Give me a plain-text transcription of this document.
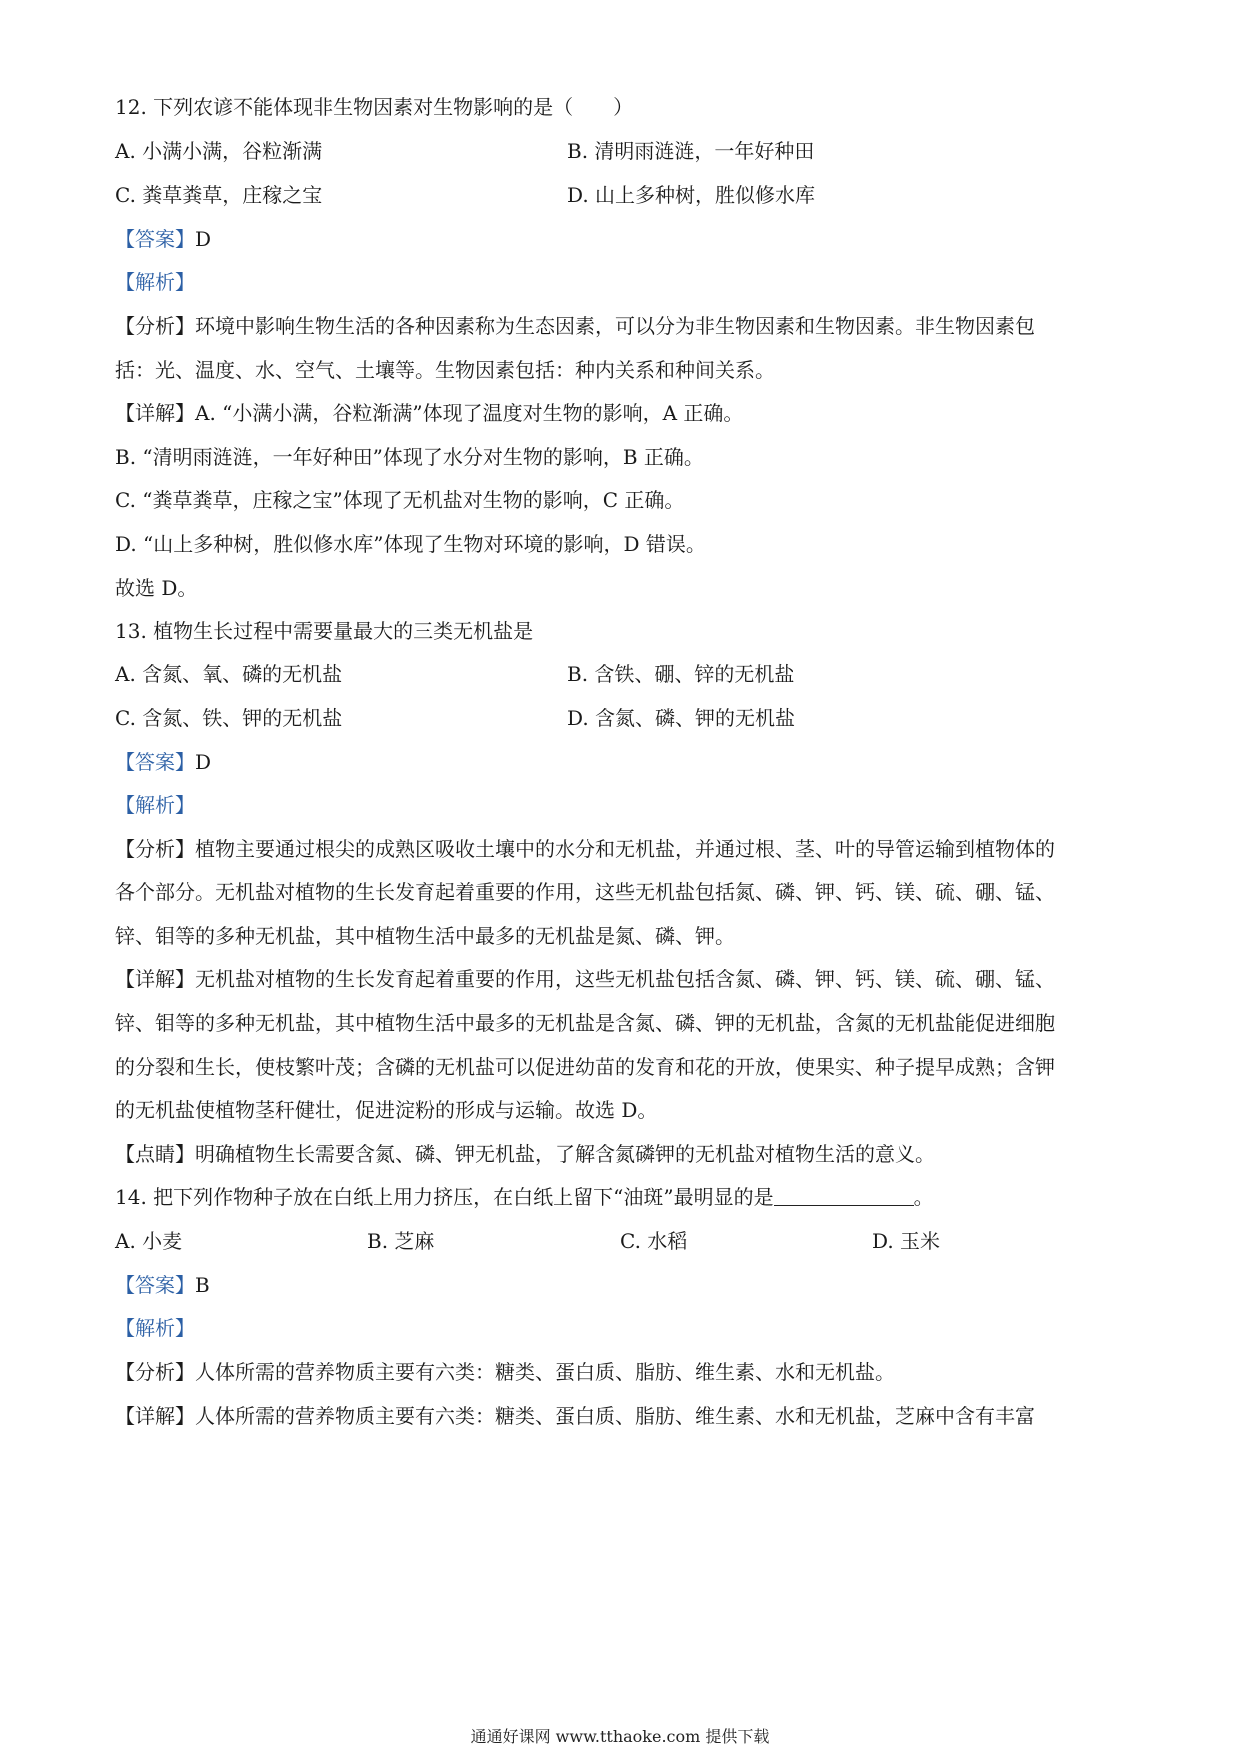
12. 下列农谚不能体现非生物因素对生物影响的是（　　）
A. 小满小满，谷粒渐满	B. 清明雨涟涟，一年好种田
C. 粪草粪草，庄稼之宝	D. 山上多种树，胜似修水库
【答案】D
【解析】
【分析】环境中影响生物生活的各种因素称为生态因素，可以分为非生物因素和生物因素。非生物因素包
括：光、温度、水、空气、土壤等。生物因素包括：种内关系和种间关系。
【详解】A. “小满小满，谷粒渐满”体现了温度对生物的影响，A 正确。
B. “清明雨涟涟，一年好种田”体现了水分对生物的影响，B 正确。
C. “粪草粪草，庄稼之宝”体现了无机盐对生物的影响，C 正确。
D. “山上多种树，胜似修水库”体现了生物对环境的影响，D 错误。
故选 D。
13. 植物生长过程中需要量最大的三类无机盐是
A. 含氮、氧、磷的无机盐	B. 含铁、硼、锌的无机盐
C. 含氮、铁、钾的无机盐	D. 含氮、磷、钾的无机盐
【答案】D
【解析】
【分析】植物主要通过根尖的成熟区吸收土壤中的水分和无机盐，并通过根、茎、叶的导管运输到植物体的
各个部分。无机盐对植物的生长发育起着重要的作用，这些无机盐包括氮、磷、钾、钙、镁、硫、硼、锰、
锌、钼等的多种无机盐，其中植物生活中最多的无机盐是氮、磷、钾。
【详解】无机盐对植物的生长发育起着重要的作用，这些无机盐包括含氮、磷、钾、钙、镁、硫、硼、锰、
锌、钼等的多种无机盐，其中植物生活中最多的无机盐是含氮、磷、钾的无机盐，含氮的无机盐能促进细胞
的分裂和生长，使枝繁叶茂；含磷的无机盐可以促进幼苗的发育和花的开放，使果实、种子提早成熟；含钾
的无机盐使植物茎秆健壮，促进淀粉的形成与运输。故选 D。
【点睛】明确植物生长需要含氮、磷、钾无机盐，了解含氮磷钾的无机盐对植物生活的意义。
14. 把下列作物种子放在白纸上用力挤压，在白纸上留下“油斑”最明显的是	。
A. 小麦	B. 芝麻	C. 水稻	D. 玉米
【答案】B
【解析】
【分析】人体所需的营养物质主要有六类：糖类、蛋白质、脂肪、维生素、水和无机盐。
【详解】人体所需的营养物质主要有六类：糖类、蛋白质、脂肪、维生素、水和无机盐，芝麻中含有丰富
通通好课网 www.tthaoke.com 提供下载
